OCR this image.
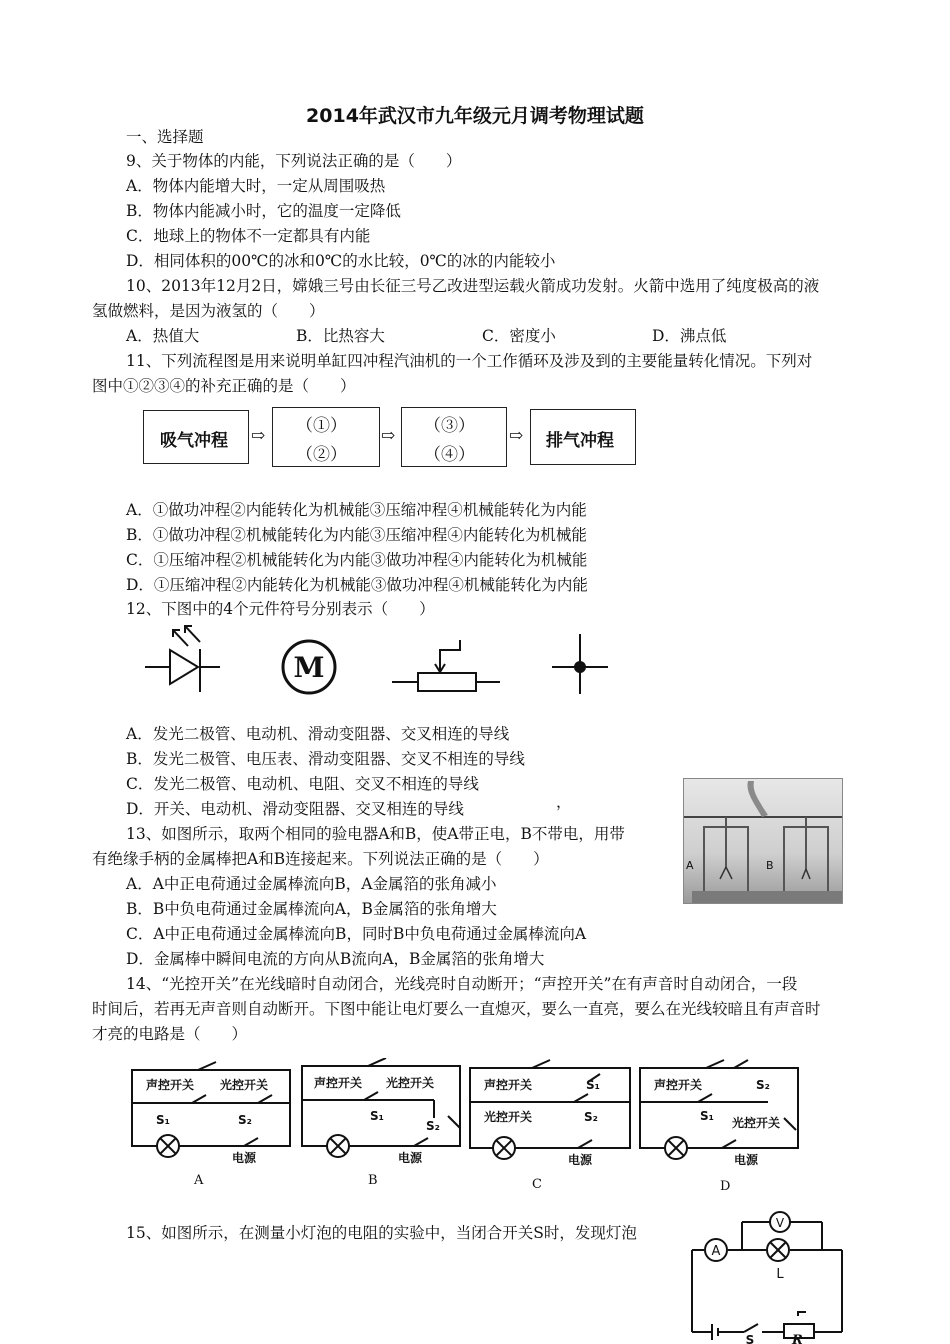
2014年武汉市九年级元月调考物理试题
一、选择题
9、关于物体的内能，下列说法正确的是（　　）
A．物体内能增大时，一定从周围吸热
B．物体内能减小时，它的温度一定降低
C．地球上的物体不一定都具有内能
D．相同体积的00℃的冰和0℃的水比较，0℃的冰的内能较小
10、2013年12月2日，嫦娥三号由长征三号乙改进型运载火箭成功发射。火箭中选用了纯度极高的液
氢做燃料，是因为液氢的（　　）
A．热值大	B．比热容大	C．密度小	D．沸点低
11、下列流程图是用来说明单缸四冲程汽油机的一个工作循环及涉及到的主要能量转化情况。下列对
图中①②③④的补充正确的是（　　）
吸气冲程 ⇨ （①）
（②）
⇨ （③）
（④）
⇨ 排气冲程
A．①做功冲程②内能转化为机械能③压缩冲程④机械能转化为内能
B．①做功冲程②机械能转化为内能③压缩冲程④内能转化为机械能
C．①压缩冲程②机械能转化为内能③做功冲程④内能转化为机械能
D．①压缩冲程②内能转化为机械能③做功冲程④机械能转化为内能
12、下图中的4个元件符号分别表示（　　）
M
A．发光二极管、电动机、滑动变阻器、交叉相连的导线
B．发光二极管、电压表、滑动变阻器、交叉不相连的导线
C．发光二极管、电动机、电阻、交叉不相连的导线
D．开关、电动机、滑动变阻器、交叉相连的导线	，
A	B
13、如图所示，取两个相同的验电器A和B，使A带正电，B不带电，用带
有绝缘手柄的金属棒把A和B连接起来。下列说法正确的是（　　）
A．A中正电荷通过金属棒流向B，A金属箔的张角减小
B．B中负电荷通过金属棒流向A，B金属箔的张角增大
C．A中正电荷通过金属棒流向B，同时B中负电荷通过金属棒流向A
D．金属棒中瞬间电流的方向从B流向A，B金属箔的张角增大
14、“光控开关”在光线暗时自动闭合，光线亮时自动断开；“声控开关”在有声音时自动闭合，一段
时间后，若再无声音则自动断开。下图中能让电灯要么一直熄灭，要么一直亮，要么在光线较暗且有声音时
才亮的电路是（　　）
声控开关 光控开关
S₁	S₂
电源
A
声控开关 光控开关
S₁
S₂
电源
B
声控开关	S₁
光控开关	S₂
电源
C
声控开关	S₂
S₁ 光控开关
电源
D
15、如图所示，在测量小灯泡的电阻的实验中，当闭合开关S时，发现灯泡
A
V
L
S	R
